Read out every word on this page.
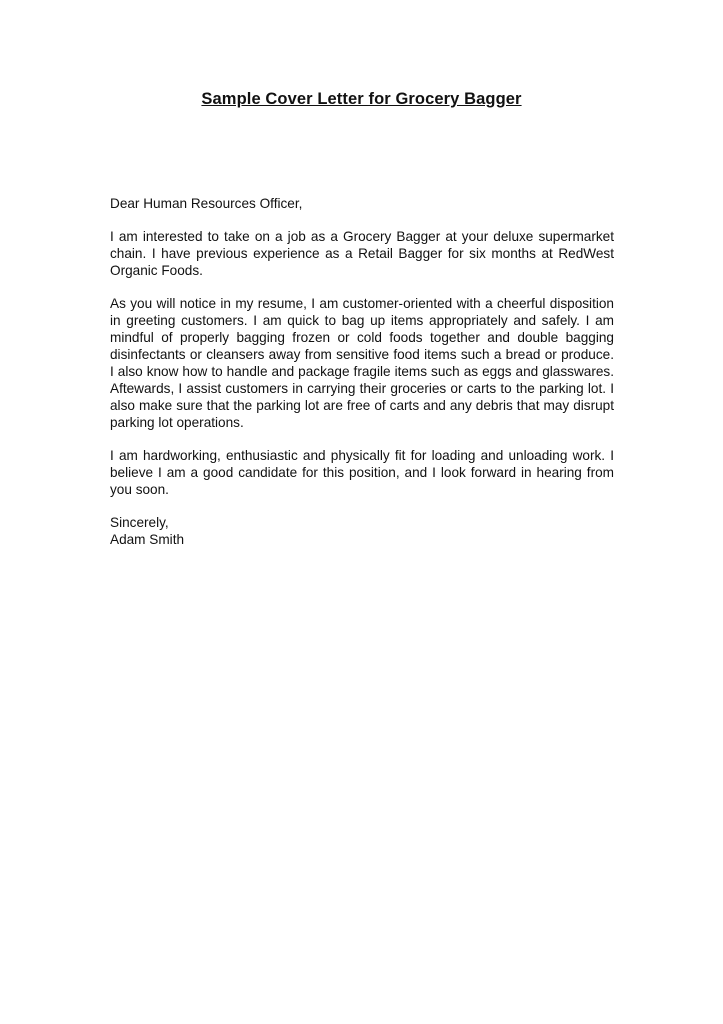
Sample Cover Letter for Grocery Bagger

Dear Human Resources Officer,

I am interested to take on a job as a Grocery Bagger at your deluxe supermarket chain. I have previous experience as a Retail Bagger for six months at RedWest Organic Foods.

As you will notice in my resume, I am customer-oriented with a cheerful disposition in greeting customers. I am quick to bag up items appropriately and safely. I am mindful of properly bagging frozen or cold foods together and double bagging disinfectants or cleansers away from sensitive food items such a bread or produce. I also know how to handle and package fragile items such as eggs and glasswares. Aftewards, I assist customers in carrying their groceries or carts to the parking lot. I also make sure that the parking lot are free of carts and any debris that may disrupt parking lot operations.

I am hardworking, enthusiastic and physically fit for loading and unloading work. I believe I am a good candidate for this position, and I look forward in hearing from you soon.

Sincerely,
Adam Smith
